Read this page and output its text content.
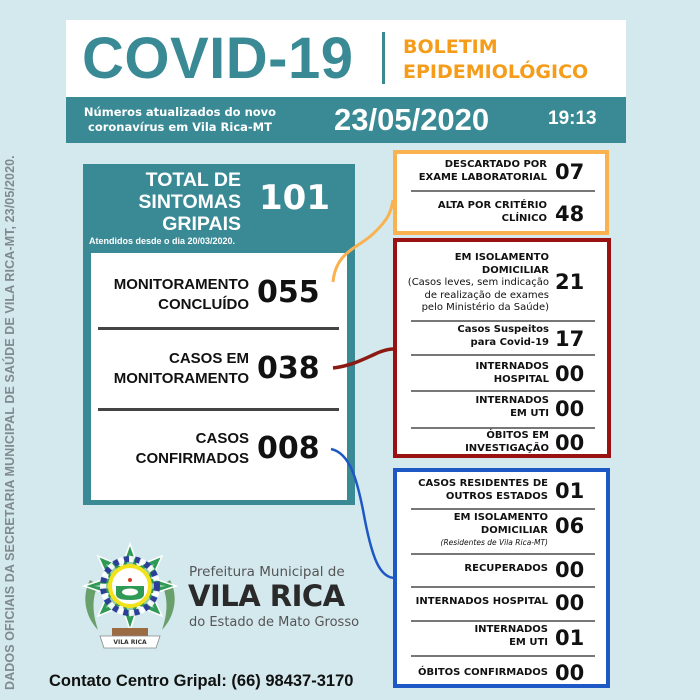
DADOS OFICIAIS DA SECRETARIA MUNICIPAL DE SAÚDE DE VILA RICA-MT, 23/05/2020.
COVID-19	BOLETIM
EPIDEMIOLÓGICO
Números atualizados do novo
coronavírus em Vila Rica-MT 23/05/2020	19:13
TOTAL DE
SINTOMAS
GRIPAIS
101
Atendidos desde o dia 20/03/2020.
MONITORAMENTO
CONCLUÍDO 055
CASOS EM
MONITORAMENTO 038
CASOS
CONFIRMADOS 008
DESCARTADO POR
EXAME LABORATORIAL 07
ALTA POR CRITÉRIO
CLÍNICO 48
EM ISOLAMENTO
DOMICILIAR
(Casos leves, sem indicação
de realização de exames
pelo Ministério da Saúde)
21
Casos Suspeitos
para Covid-19 17
INTERNADOS
HOSPITAL 00
INTERNADOS
EM UTI 00
ÓBITOS EM
INVESTIGAÇÃO 00
CASOS RESIDENTES DE
OUTROS ESTADOS 01
EM ISOLAMENTO
DOMICILIAR
(Residentes de Vila Rica-MT)
06
RECUPERADOS 00
INTERNADOS HOSPITAL 00
INTERNADOS
EM UTI 01
ÓBITOS CONFIRMADOS 00
VILA RICA
Prefeitura Municipal de
VILA RICA
do Estado de Mato Grosso
Contato Centro Gripal: (66) 98437-3170
